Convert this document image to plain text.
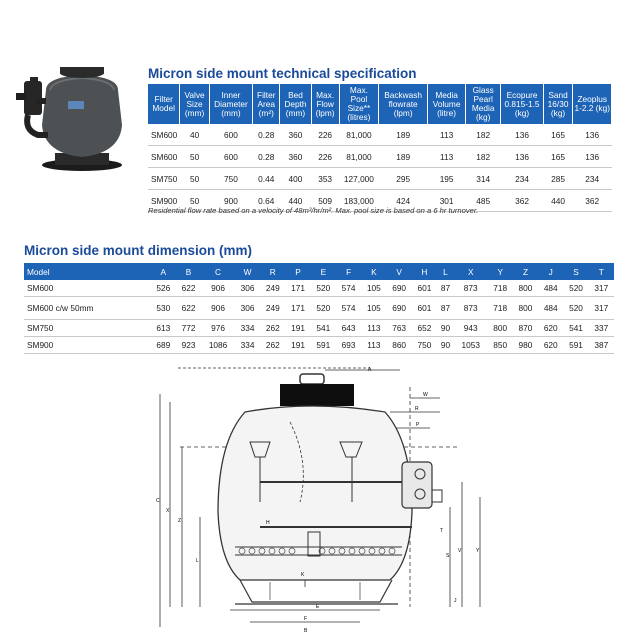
Micron side mount technical specification
Filter Model	Valve Size (mm)	Inner Diameter (mm)	Filter Area (m²)	Bed Depth (mm)	Max. Flow (lpm)	Max. Pool Size** (litres)	Backwash flowrate (lpm)	Media Volume (litre)	Glass Pearl Media (kg)	Ecopure 0.815-1.5 (kg)	Sand 16/30 (kg)	Zeoplus 1-2.2 (kg)
SM600	40	600	0.28	360	226	81,000	189	113	182	136	165	136
SM600	50	600	0.28	360	226	81,000	189	113	182	136	165	136
SM750	50	750	0.44	400	353	127,000	295	195	314	234	285	234
SM900	50	900	0.64	440	509	183,000	424	301	485	362	440	362
Residential flow rate based on a velocity of 48m³/hr/m². Max. pool size is based on a 6 hr turnover.
Micron side mount dimension (mm)
Model	A	B	C	W	R	P	E	F	K	V	H	L	X	Y	Z	J	S	T
SM600	526	622	906	306	249	171	520	574	105	690	601	87	873	718	800	484	520	317
SM600 c/w 50mm	530	622	906	306	249	171	520	574	105	690	601	87	873	718	800	484	520	317
SM750	613	772	976	334	262	191	541	643	113	763	652	90	943	800	870	620	541	337
SM900	689	923	1086	334	262	191	591	693	113	860	750	90	1053	850	980	620	591	387
A
W
R
P
C
X
Z
L
H
K
E
F
B
V	Y
S
T
J
